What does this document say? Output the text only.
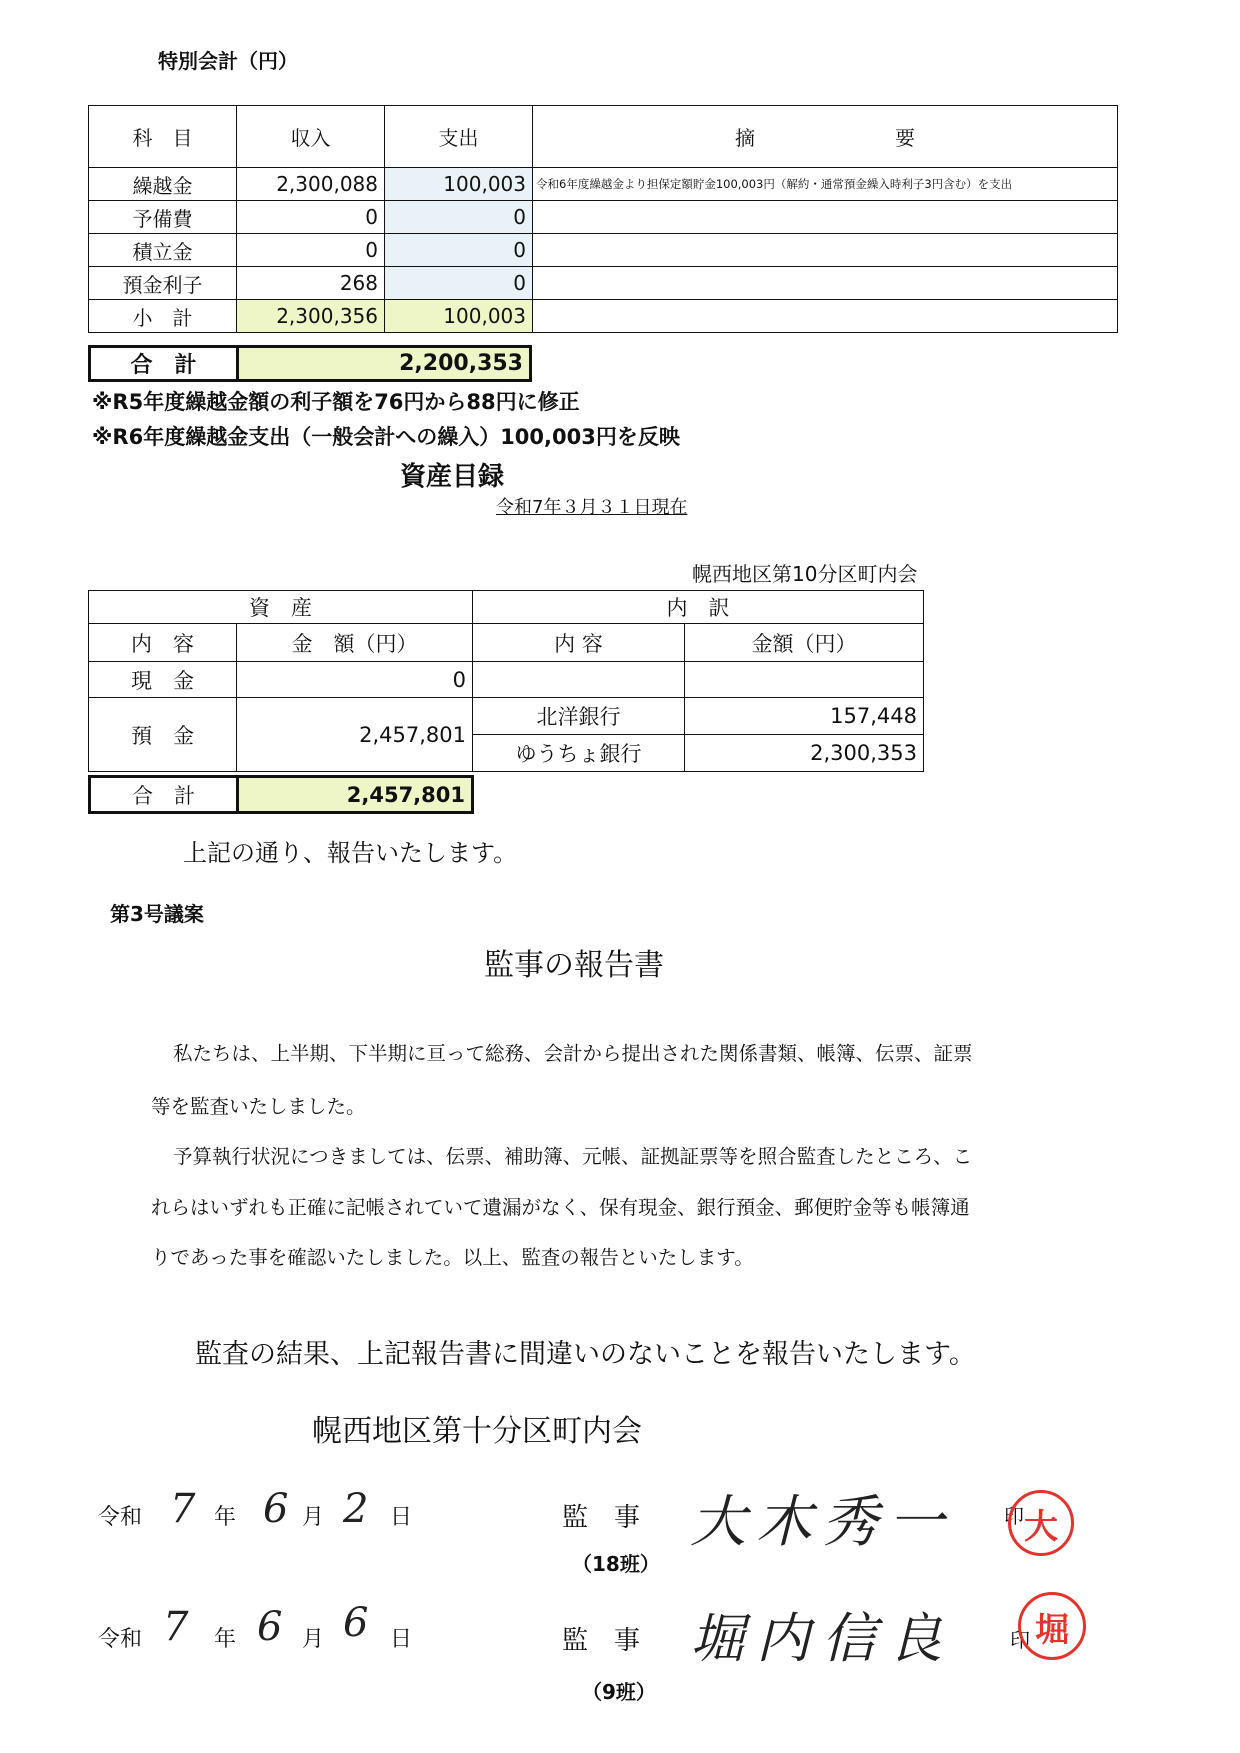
特別会計（円）
科　目	収入	支出	摘　　　　　　　要
繰越金	2,300,088	100,003	令和6年度繰越金より担保定額貯金100,003円（解約・通常預金繰入時利子3円含む）を支出
予備費	0	0	
積立金	0	0	
預金利子	268	0	
小　計	2,300,356	100,003	
合　計	2,200,353
※R5年度繰越金額の利子額を76円から88円に修正
※R6年度繰越金支出（一般会計への繰入）100,003円を反映
資産目録
令和7年３月３１日現在
幌西地区第10分区町内会
資　産		内　訳	
内　容	金　額（円）	内 容	金額（円）
現　金	0		
預　金	2,457,801	北洋銀行	157,448
		ゆうちょ銀行	2,300,353
合　計	2,457,801
上記の通り、報告いたします。
第3号議案
監事の報告書
私たちは、上半期、下半期に亘って総務、会計から提出された関係書類、帳簿、伝票、証票
等を監査いたしました。
予算執行状況につきましては、伝票、補助簿、元帳、証拠証票等を照合監査したところ、こ
れらはいずれも正確に記帳されていて遺漏がなく、保有現金、銀行預金、郵便貯金等も帳簿通
りであった事を確認いたしました。以上、監査の報告といたします。
監査の結果、上記報告書に間違いのないことを報告いたします。
幌西地区第十分区町内会
令和 7 年 6 月 2 日	監　事 大木秀一	印 大
（18班）
令和 7 年 6 月 6 日	監　事 堀内信良	印 堀
（9班）
